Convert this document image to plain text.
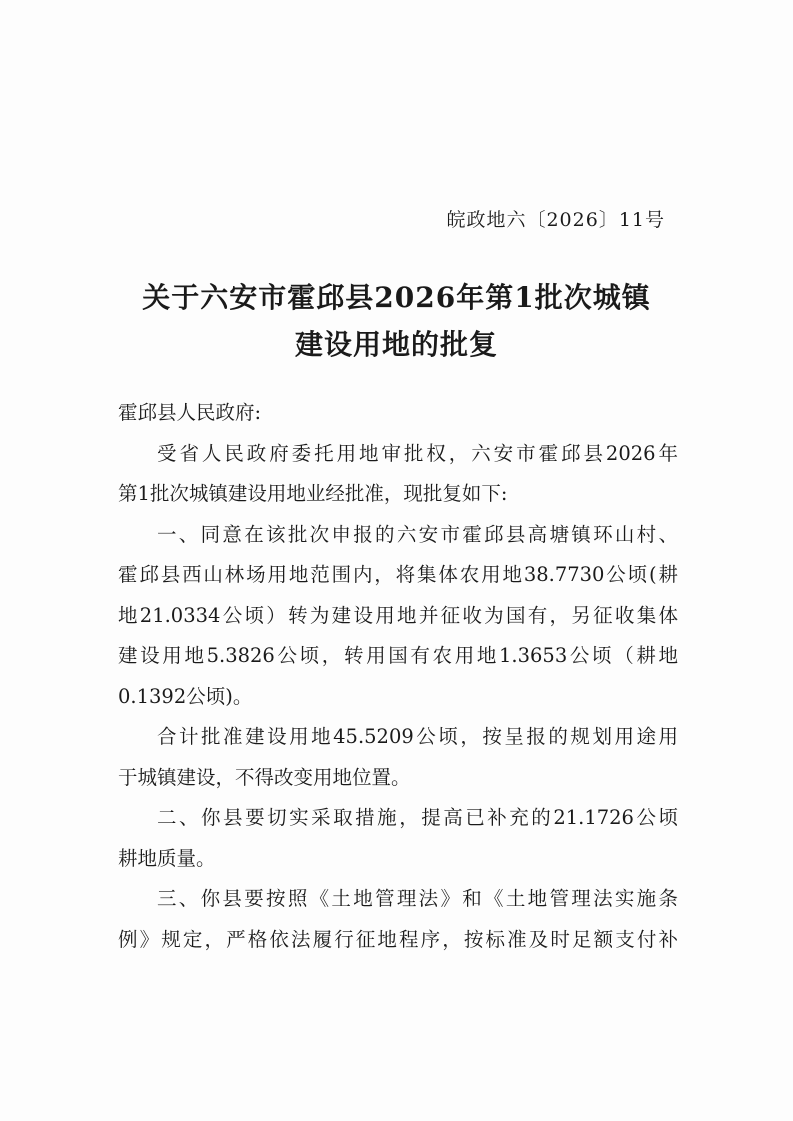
皖政地六〔2026〕11号
关于六安市霍邱县2026年第1批次城镇
建设用地的批复

霍邱县人民政府:

受省人民政府委托用地审批权，六安市霍邱县2026年
第1批次城镇建设用地业经批准，现批复如下:

一、同意在该批次申报的六安市霍邱县高塘镇环山村、
霍邱县西山林场用地范围内，将集体农用地38.7730公顷(耕
地21.0334公顷）转为建设用地并征收为国有，另征收集体
建设用地5.3826公顷，转用国有农用地1.3653公顷（耕地
0.1392公顷)。

合计批准建设用地45.5209公顷，按呈报的规划用途用
于城镇建设，不得改变用地位置。

二、你县要切实采取措施，提高已补充的21.1726公顷
耕地质量。

三、你县要按照《土地管理法》和《土地管理法实施条
例》规定，严格依法履行征地程序，按标准及时足额支付补
